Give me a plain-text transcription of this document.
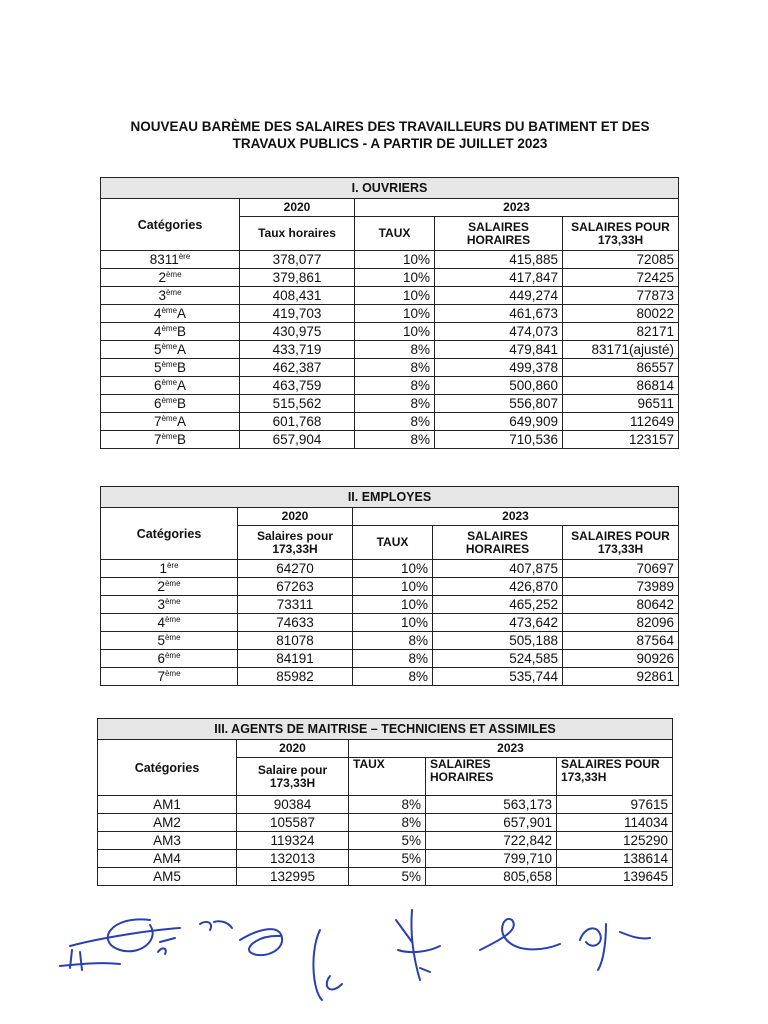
NOUVEAU BARÈME DES SALAIRES DES TRAVAILLEURS DU BATIMENT ET DES
TRAVAUX PUBLICS - A PARTIR DE JUILLET 2023
I. OUVRIERS				
Catégories	2020	2023		
	Taux horaires	TAUX	SALAIRES HORAIRES	SALAIRES POUR 173,33H
8311ère	378,077	10%	415,885	72085
2ème	379,861	10%	417,847	72425
3ème	408,431	10%	449,274	77873
4èmeA	419,703	10%	461,673	80022
4èmeB	430,975	10%	474,073	82171
5èmeA	433,719	8%	479,841	83171(ajusté)
5èmeB	462,387	8%	499,378	86557
6èmeA	463,759	8%	500,860	86814
6èmeB	515,562	8%	556,807	96511
7èmeA	601,768	8%	649,909	112649
7èmeB	657,904	8%	710,536	123157
II. EMPLOYES				
Catégories	2020	2023		
	Salaires pour 173,33H	TAUX	SALAIRES HORAIRES	SALAIRES POUR 173,33H
1ère	64270	10%	407,875	70697
2ème	67263	10%	426,870	73989
3ème	73311	10%	465,252	80642
4ème	74633	10%	473,642	82096
5ème	81078	8%	505,188	87564
6ème	84191	8%	524,585	90926
7ème	85982	8%	535,744	92861
III. AGENTS DE MAITRISE – TECHNICIENS ET ASSIMILES				
Catégories	2020	2023		
	Salaire pour 173,33H	TAUX	SALAIRES HORAIRES	SALAIRES POUR 173,33H
AM1	90384	8%	563,173	97615
AM2	105587	8%	657,901	114034
AM3	119324	5%	722,842	125290
AM4	132013	5%	799,710	138614
AM5	132995	5%	805,658	139645
